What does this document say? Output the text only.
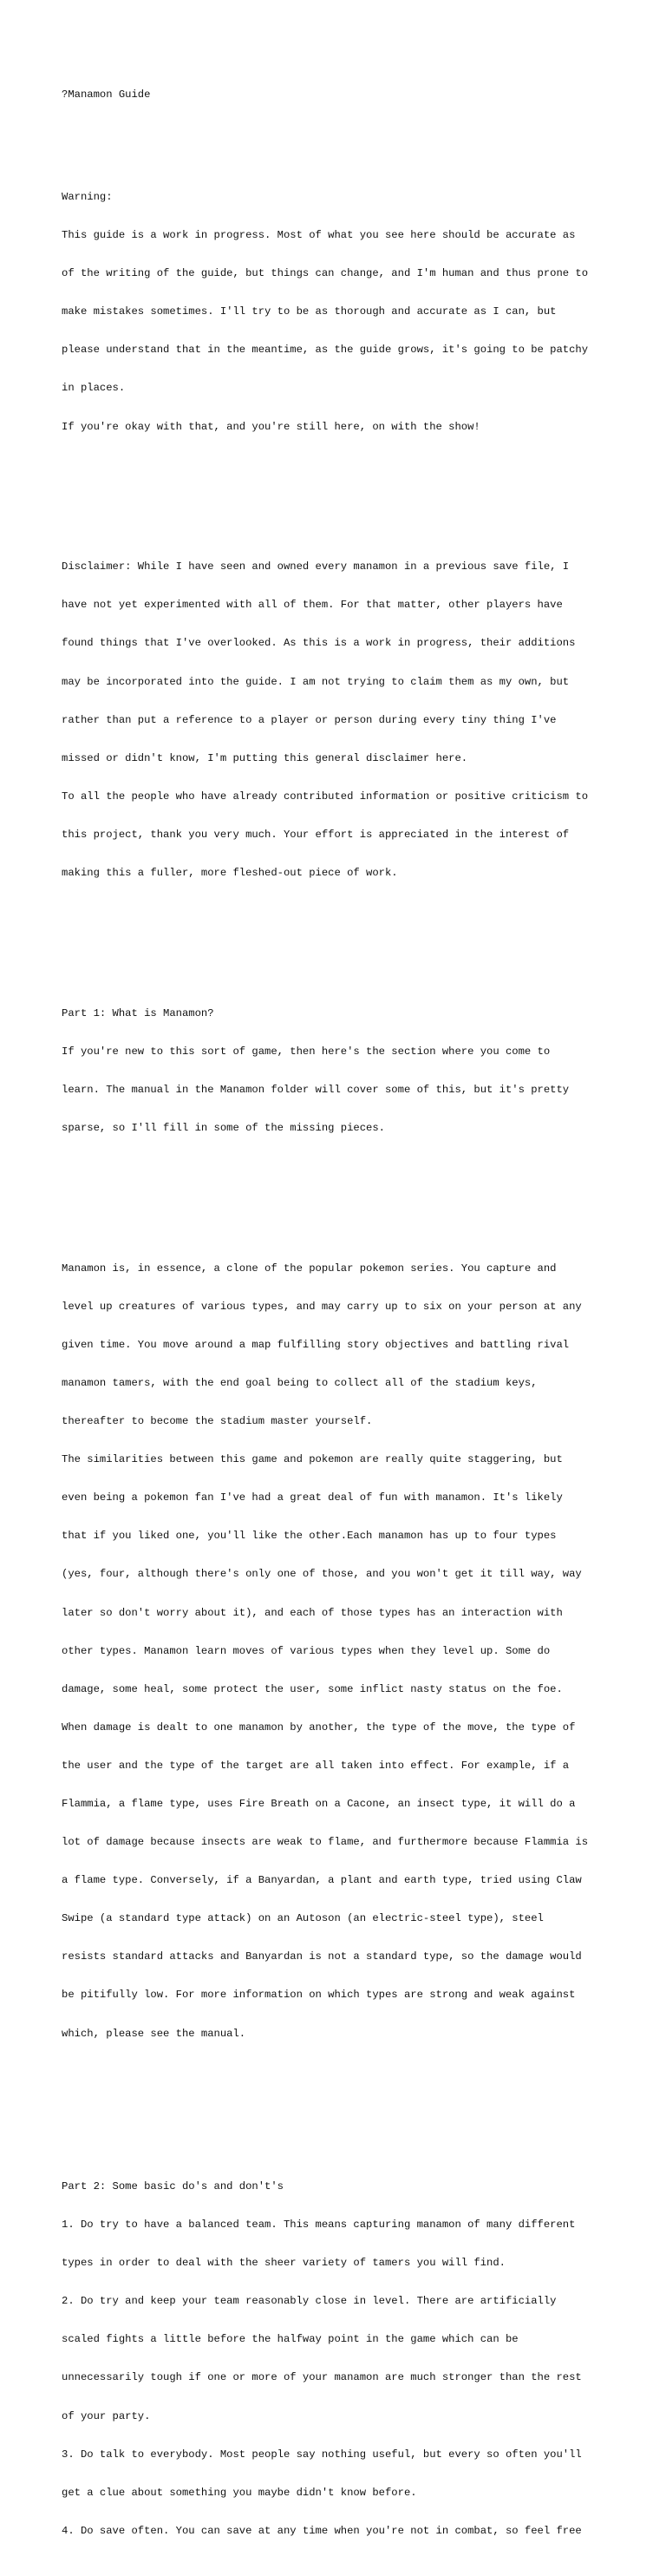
?Manamon Guide

Warning:

This guide is a work in progress. Most of what you see here should be accurate as

of the writing of the guide, but things can change, and I'm human and thus prone to

make mistakes sometimes. I'll try to be as thorough and accurate as I can, but

please understand that in the meantime, as the guide grows, it's going to be patchy

in places.

If you're okay with that, and you're still here, on with the show!

Disclaimer: While I have seen and owned every manamon in a previous save file, I

have not yet experimented with all of them. For that matter, other players have

found things that I've overlooked. As this is a work in progress, their additions

may be incorporated into the guide. I am not trying to claim them as my own, but

rather than put a reference to a player or person during every tiny thing I've

missed or didn't know, I'm putting this general disclaimer here.

To all the people who have already contributed information or positive criticism to

this project, thank you very much. Your effort is appreciated in the interest of

making this a fuller, more fleshed-out piece of work.

Part 1: What is Manamon?

If you're new to this sort of game, then here's the section where you come to

learn. The manual in the Manamon folder will cover some of this, but it's pretty

sparse, so I'll fill in some of the missing pieces.

Manamon is, in essence, a clone of the popular pokemon series. You capture and

level up creatures of various types, and may carry up to six on your person at any

given time. You move around a map fulfilling story objectives and battling rival

manamon tamers, with the end goal being to collect all of the stadium keys,

thereafter to become the stadium master yourself.

The similarities between this game and pokemon are really quite staggering, but

even being a pokemon fan I've had a great deal of fun with manamon. It's likely

that if you liked one, you'll like the other.Each manamon has up to four types

(yes, four, although there's only one of those, and you won't get it till way, way

later so don't worry about it), and each of those types has an interaction with

other types. Manamon learn moves of various types when they level up. Some do

damage, some heal, some protect the user, some inflict nasty status on the foe.

When damage is dealt to one manamon by another, the type of the move, the type of

the user and the type of the target are all taken into effect. For example, if a

Flammia, a flame type, uses Fire Breath on a Cacone, an insect type, it will do a

lot of damage because insects are weak to flame, and furthermore because Flammia is

a flame type. Conversely, if a Banyardan, a plant and earth type, tried using Claw

Swipe (a standard type attack) on an Autoson (an electric-steel type), steel

resists standard attacks and Banyardan is not a standard type, so the damage would

be pitifully low. For more information on which types are strong and weak against

which, please see the manual.

Part 2: Some basic do's and don't's

1. Do try to have a balanced team. This means capturing manamon of many different

types in order to deal with the sheer variety of tamers you will find.

2. Do try and keep your team reasonably close in level. There are artificially

scaled fights a little before the halfway point in the game which can be

unnecessarily tough if one or more of your manamon are much stronger than the rest

of your party.

3. Do talk to everybody. Most people say nothing useful, but every so often you'll

get a clue about something you maybe didn't know before.

4. Do save often. You can save at any time when you're not in combat, so feel free
